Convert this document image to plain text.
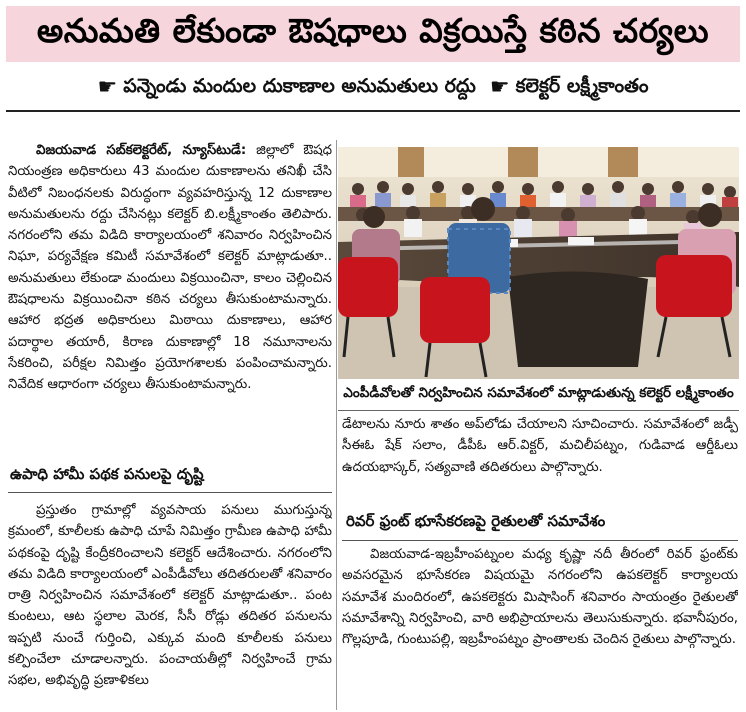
అనుమతి లేకుండా ఔషధాలు విక్రయిస్తే కఠిన చర్యలు
☛ పన్నెండు మందుల దుకాణాల అనుమతులు రద్దు ☛ కలెక్టర్ లక్ష్మీకాంతం

విజయవాడ సబ్‌కలెక్టరేట్, న్యూస్‌టుడే: జిల్లాలో ఔషధ నియంత్రణ అధికారులు 43 మందుల దుకాణాలను తనిఖీ చేసి వీటిలో నిబంధనలకు విరుద్ధంగా వ్యవహరిస్తున్న 12 దుకాణాల అనుమతులను రద్దు చేసినట్లు కలెక్టర్ బి.లక్ష్మీకాంతం తెలిపారు. నగరంలోని తమ విడిది కార్యాలయంలో శనివారం నిర్వహించిన నిఘా, పర్యవేక్షణ కమిటీ సమావేశంలో కలెక్టర్ మాట్లాడుతూ.. అనుమతులు లేకుండా మందులు విక్రయించినా, కాలం చెల్లించిన ఔషధాలను విక్రయించినా కఠిన చర్యలు తీసుకుంటామన్నారు. ఆహార భద్రత అధికారులు మిఠాయి దుకాణాలు, ఆహార పదార్థాల తయారీ, కిరాణ దుకాణాల్లో 18 నమూనాలను సేకరించి, పరీక్షల నిమిత్తం ప్రయోగశాలకు పంపించామన్నారు. నివేదిక ఆధారంగా చర్యలు తీసుకుంటామన్నారు.

ఉపాధి హామీ పథక పనులపై దృష్టి

ప్రస్తుతం గ్రామాల్లో వ్యవసాయ పనులు ముగుస్తున్న క్రమంలో, కూలీలకు ఉపాధి చూపే నిమిత్తం గ్రామీణ ఉపాధి హామీ పథకంపై దృష్టి కేంద్రీకరించాలని కలెక్టర్ ఆదేశించారు. నగరంలోని తమ విడిది కార్యాలయంలో ఎంపీడీవోలు తదితరులతో శనివారం రాత్రి నిర్వహించిన సమావేశంలో కలెక్టర్ మాట్లాడుతూ.. పంట కుంటలు, ఆట స్థలాల మెరక, సీసీ రోడ్లు తదితర పనులను ఇప్పటి నుంచే గుర్తించి, ఎక్కువ మంది కూలీలకు పనులు కల్పించేలా చూడాలన్నారు. పంచాయతీల్లో నిర్వహించే గ్రామ సభల, అభివృద్ధి ప్రణాళికలు

ఎంపీడీవోలతో నిర్వహించిన సమావేశంలో మాట్లాడుతున్న కలెక్టర్ లక్ష్మీకాంతం

డేటాలను నూరు శాతం అప్‌లోడు చేయాలని సూచించారు. సమావేశంలో జడ్పీ సీఈఓ షేక్ సలాం, డీపీఓ ఆర్.విక్టర్, మచిలీపట్నం, గుడివాడ ఆర్డీఓలు ఉదయభాస్కర్, సత్యవాణి తదితరులు పాల్గొన్నారు.

రివర్ ఫ్రంట్ భూసేకరణపై రైతులతో సమావేశం

విజయవాడ-ఇబ్రహీంపట్నంల మధ్య కృష్ణా నదీ తీరంలో రివర్ ఫ్రంట్‌కు అవసరమైన భూసేకరణ విషయమై నగరంలోని ఉపకలెక్టర్ కార్యాలయ సమావేశ మందిరంలో, ఉపకలెక్టరు మిషాసింగ్ శనివారం సాయంత్రం రైతులతో సమావేశాన్ని నిర్వహించి, వారి అభిప్రాయాలను తెలుసుకున్నారు. భవానీపురం, గొల్లపూడి, గుంటుపల్లి, ఇబ్రహీంపట్నం ప్రాంతాలకు చెందిన రైతులు పాల్గొన్నారు.
